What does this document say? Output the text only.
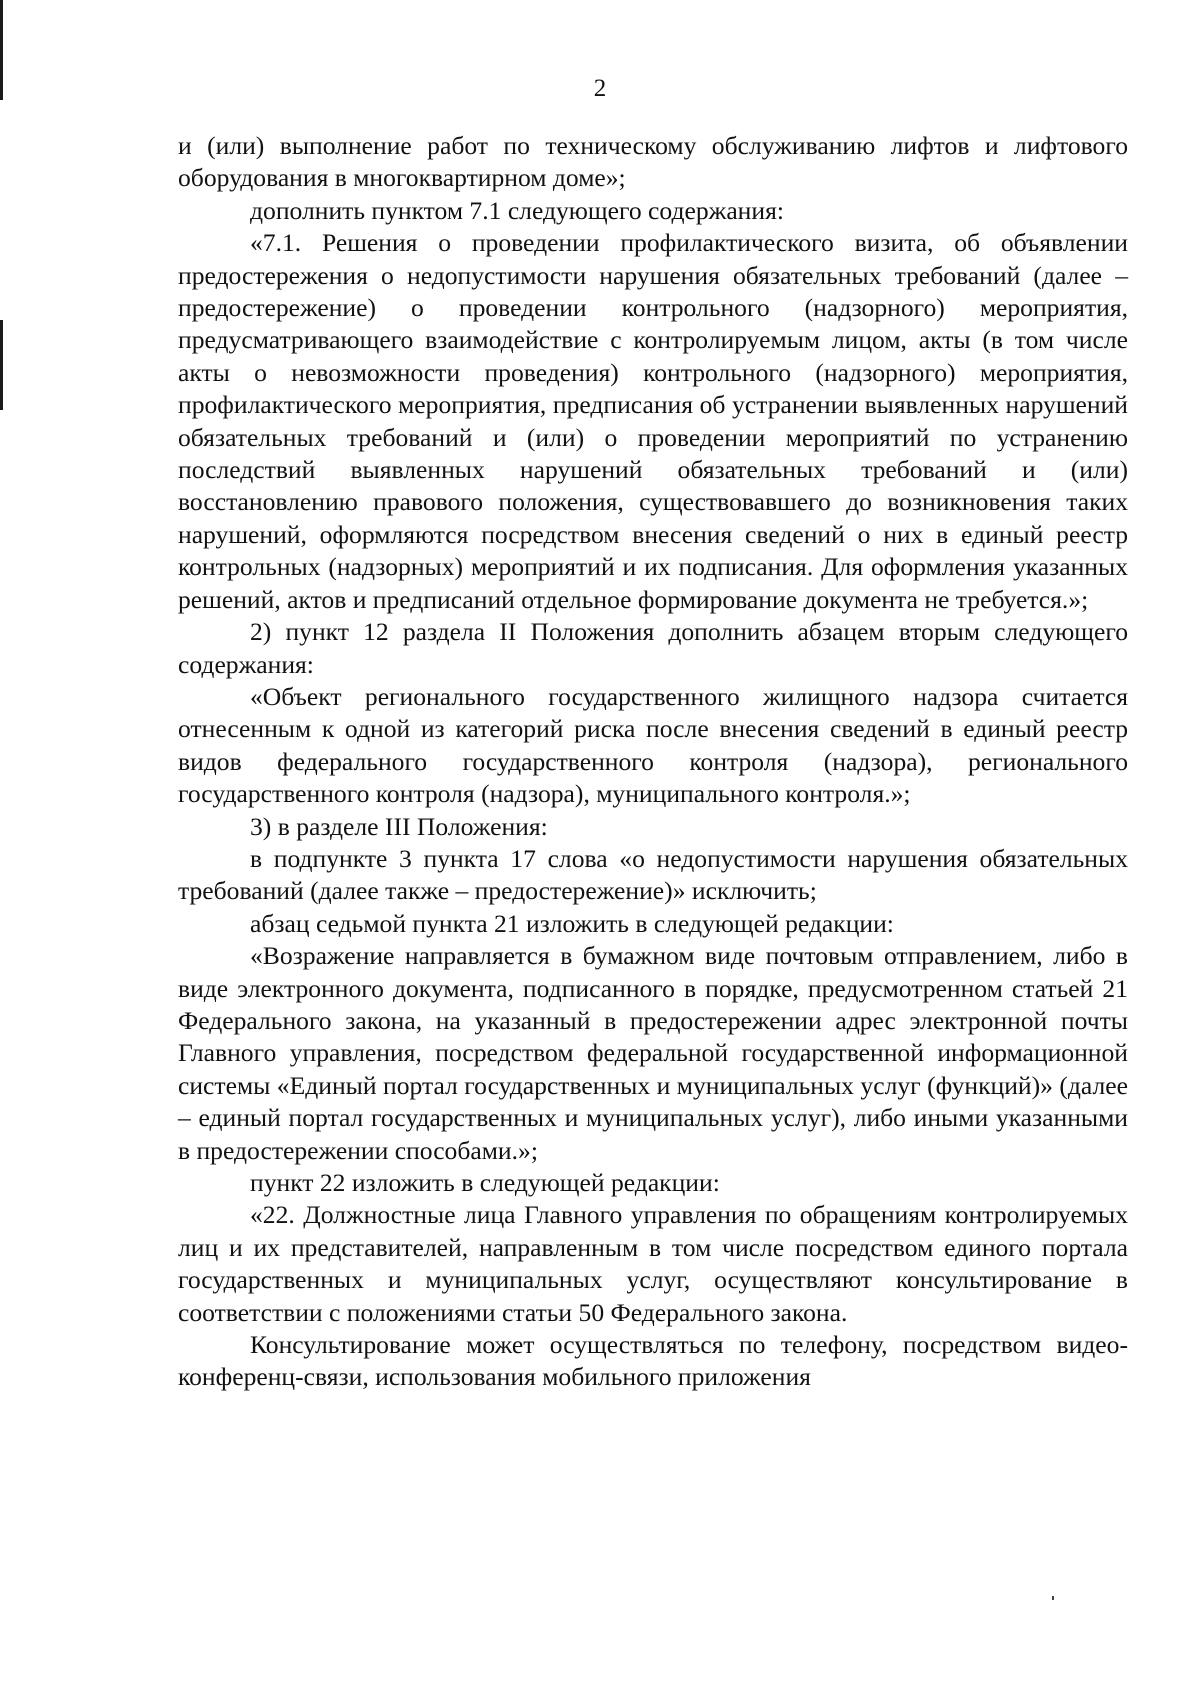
2

и (или) выполнение работ по техническому обслуживанию лифтов и лифтового оборудования в многоквартирном доме»;

дополнить пунктом 7.1 следующего содержания:

«7.1. Решения о проведении профилактического визита, об объявлении предостережения о недопустимости нарушения обязательных требований (далее – предостережение) о проведении контрольного (надзорного) мероприятия, предусматривающего взаимодействие с контролируемым лицом, акты (в том числе акты о невозможности проведения) контрольного (надзорного) мероприятия, профилактического мероприятия, предписания об устранении выявленных нарушений обязательных требований и (или) о проведении мероприятий по устранению последствий выявленных нарушений обязательных требований и (или) восстановлению правового положения, существовавшего до возникновения таких нарушений, оформляются посредством внесения сведений о них в единый реестр контрольных (надзорных) мероприятий и их подписания. Для оформления указанных решений, актов и предписаний отдельное формирование документа не требуется.»;

2) пункт 12 раздела II Положения дополнить абзацем вторым следующего содержания:

«Объект регионального государственного жилищного надзора считается отнесенным к одной из категорий риска после внесения сведений в единый реестр видов федерального государственного контроля (надзора), регионального государственного контроля (надзора), муниципального контроля.»;

3) в разделе III Положения:

в подпункте 3 пункта 17 слова «о недопустимости нарушения обязательных требований (далее также – предостережение)» исключить;

абзац седьмой пункта 21 изложить в следующей редакции:

«Возражение направляется в бумажном виде почтовым отправлением, либо в виде электронного документа, подписанного в порядке, предусмотренном статьей 21 Федерального закона, на указанный в предостережении адрес электронной почты Главного управления, посредством федеральной государственной информационной системы «Единый портал государственных и муниципальных услуг (функций)» (далее – единый портал государственных и муниципальных услуг), либо иными указанными в предостережении способами.»;

пункт 22 изложить в следующей редакции:

«22. Должностные лица Главного управления по обращениям контролируемых лиц и их представителей, направленным в том числе посредством единого портала государственных и муниципальных услуг, осуществляют консультирование в соответствии с положениями статьи 50 Федерального закона.

Консультирование может осуществляться по телефону, посредством видео-конференц-связи, использования мобильного приложения
